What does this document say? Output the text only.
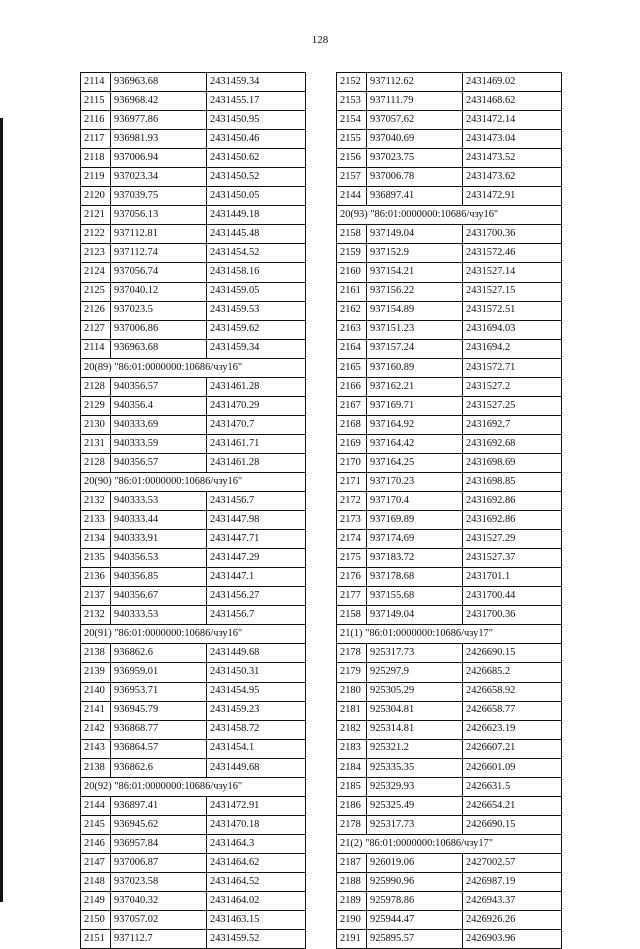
128
2114	936963.68	2431459.34
2115	936968.42	2431455.17
2116	936977.86	2431450.95
2117	936981.93	2431450.46
2118	937006.94	2431450.62
2119	937023.34	2431450.52
2120	937039.75	2431450.05
2121	937056.13	2431449.18
2122	937112.81	2431445.48
2123	937112.74	2431454.52
2124	937056.74	2431458.16
2125	937040.12	2431459.05
2126	937023.5	2431459.53
2127	937006.86	2431459.62
2114	936963.68	2431459.34
20(89) "86:01:0000000:10686/чзу16"		
2128	940356.57	2431461.28
2129	940356.4	2431470.29
2130	940333.69	2431470.7
2131	940333.59	2431461.71
2128	940356.57	2431461.28
20(90) "86:01:0000000:10686/чзу16"		
2132	940333.53	2431456.7
2133	940333.44	2431447.98
2134	940333.91	2431447.71
2135	940356.53	2431447.29
2136	940356.85	2431447.1
2137	940356.67	2431456.27
2132	940333.53	2431456.7
20(91) "86:01:0000000:10686/чзу16"		
2138	936862.6	2431449.68
2139	936959.01	2431450.31
2140	936953.71	2431454.95
2141	936945.79	2431459.23
2142	936868.77	2431458.72
2143	936864.57	2431454.1
2138	936862.6	2431449.68
20(92) "86:01:0000000:10686/чзу16"		
2144	936897.41	2431472.91
2145	936945.62	2431470.18
2146	936957.84	2431464.3
2147	937006.87	2431464.62
2148	937023.58	2431464.52
2149	937040.32	2431464.02
2150	937057.02	2431463.15
2151	937112.7	2431459.52
2152	937112.62	2431469.02
2153	937111.79	2431468.62
2154	937057.62	2431472.14
2155	937040.69	2431473.04
2156	937023.75	2431473.52
2157	937006.78	2431473.62
2144	936897.41	2431472.91
20(93) "86:01:0000000:10686/чзу16"		
2158	937149.04	2431700.36
2159	937152.9	2431572.46
2160	937154.21	2431527.14
2161	937156.22	2431527.15
2162	937154.89	2431572.51
2163	937151.23	2431694.03
2164	937157.24	2431694.2
2165	937160.89	2431572.71
2166	937162.21	2431527.2
2167	937169.71	2431527.25
2168	937164.92	2431692.7
2169	937164.42	2431692.68
2170	937164.25	2431698.69
2171	937170.23	2431698.85
2172	937170.4	2431692.86
2173	937169.89	2431692.86
2174	937174.69	2431527.29
2175	937183.72	2431527.37
2176	937178.68	2431701.1
2177	937155.68	2431700.44
2158	937149.04	2431700.36
21(1) "86:01:0000000:10686/чзу17"		
2178	925317.73	2426690.15
2179	925297.9	2426685.2
2180	925305.29	2426658.92
2181	925304.81	2426658.77
2182	925314.81	2426623.19
2183	925321.2	2426607.21
2184	925335.35	2426601.09
2185	925329.93	2426631.5
2186	925325.49	2426654.21
2178	925317.73	2426690.15
21(2) "86:01:0000000:10686/чзу17"		
2187	926019.06	2427002.57
2188	925990.96	2426987.19
2189	925978.86	2426943.37
2190	925944.47	2426926.26
2191	925895.57	2426903.96
